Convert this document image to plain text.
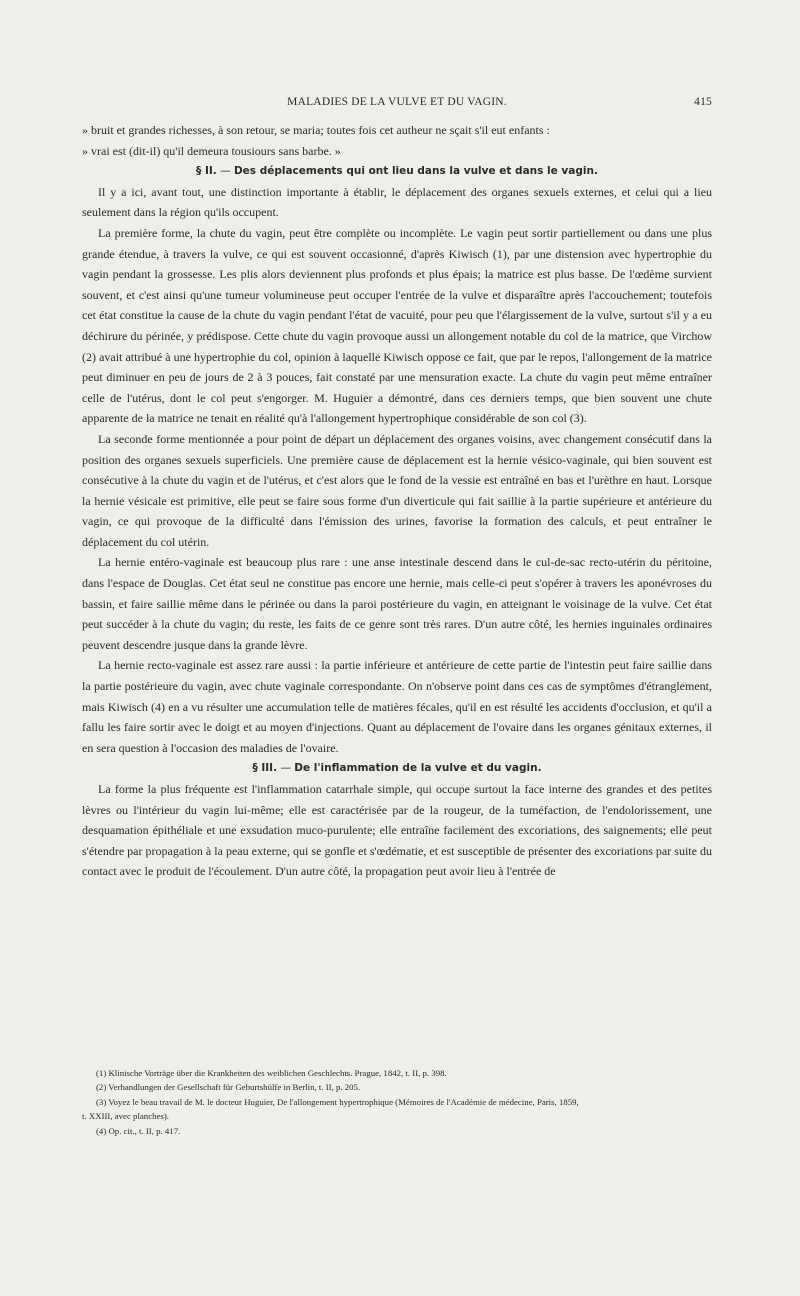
MALADIES DE LA VULVE ET DU VAGIN.	415

» bruit et grandes richesses, à son retour, se maria; toutes fois cet autheur ne sçait s'il eut enfants :

» vrai est (dit-il) qu'il demeura tousiours sans barbe. »

§ II. — Des déplacements qui ont lieu dans la vulve et dans le vagin.

Il y a ici, avant tout, une distinction importante à établir, le déplacement des organes sexuels externes, et celui qui a lieu seulement dans la région qu'ils occupent.

La première forme, la chute du vagin, peut être complète ou incomplète. Le vagin peut sortir partiellement ou dans une plus grande étendue, à travers la vulve, ce qui est souvent occasionné, d'après Kiwisch (1), par une distension avec hypertrophie du vagin pendant la grossesse. Les plis alors deviennent plus profonds et plus épais; la matrice est plus basse. De l'œdème survient souvent, et c'est ainsi qu'une tumeur volumineuse peut occuper l'entrée de la vulve et disparaître après l'accouchement; toutefois cet état constitue la cause de la chute du vagin pendant l'état de vacuité, pour peu que l'élargissement de la vulve, surtout s'il y a eu déchirure du périnée, y prédispose. Cette chute du vagin provoque aussi un allongement notable du col de la matrice, que Virchow (2) avait attribué à une hypertrophie du col, opinion à laquelle Kiwisch oppose ce fait, que par le repos, l'allongement de la matrice peut diminuer en peu de jours de 2 à 3 pouces, fait constaté par une mensuration exacte. La chute du vagin peut même entraîner celle de l'utérus, dont le col peut s'engorger. M. Huguier a démontré, dans ces derniers temps, que bien souvent une chute apparente de la matrice ne tenait en réalité qu'à l'allongement hypertrophique considérable de son col (3).

La seconde forme mentionnée a pour point de départ un déplacement des organes voisins, avec changement consécutif dans la position des organes sexuels superficiels. Une première cause de déplacement est la hernie vésico-vaginale, qui bien souvent est consécutive à la chute du vagin et de l'utérus, et c'est alors que le fond de la vessie est entraîné en bas et l'urèthre en haut. Lorsque la hernie vésicale est primitive, elle peut se faire sous forme d'un diverticule qui fait saillie à la partie supérieure et antérieure du vagin, ce qui provoque de la difficulté dans l'émission des urines, favorise la formation des calculs, et peut entraîner le déplacement du col utérin.

La hernie entéro-vaginale est beaucoup plus rare : une anse intestinale descend dans le cul-de-sac recto-utérin du péritoine, dans l'espace de Douglas. Cet état seul ne constitue pas encore une hernie, mais celle-ci peut s'opérer à travers les aponévroses du bassin, et faire saillie même dans le périnée ou dans la paroi postérieure du vagin, en atteignant le voisinage de la vulve. Cet état peut succéder à la chute du vagin; du reste, les faits de ce genre sont très rares. D'un autre côté, les hernies inguinales ordinaires peuvent descendre jusque dans la grande lèvre.

La hernie recto-vaginale est assez rare aussi : la partie inférieure et antérieure de cette partie de l'intestin peut faire saillie dans la partie postérieure du vagin, avec chute vaginale correspondante. On n'observe point dans ces cas de symptômes d'étranglement, mais Kiwisch (4) en a vu résulter une accumulation telle de matières fécales, qu'il en est résulté les accidents d'occlusion, et qu'il a fallu les faire sortir avec le doigt et au moyen d'injections. Quant au déplacement de l'ovaire dans les organes génitaux externes, il en sera question à l'occasion des maladies de l'ovaire.

§ III. — De l'inflammation de la vulve et du vagin.

La forme la plus fréquente est l'inflammation catarrhale simple, qui occupe surtout la face interne des grandes et des petites lèvres ou l'intérieur du vagin lui-même; elle est caractérisée par de la rougeur, de la tuméfaction, de l'endolorissement, une desquamation épithéliale et une exsudation muco-purulente; elle entraîne facilement des excoriations, des saignements; elle peut s'étendre par propagation à la peau externe, qui se gonfle et s'œdématie, et est susceptible de présenter des excoriations par suite du contact avec le produit de l'écoulement. D'un autre côté, la propagation peut avoir lieu à l'entrée de

(1) Klinische Vorträge über die Krankheiten des weiblichen Geschlechts. Prague, 1842, t. II, p. 398.

(2) Verhandlungen der Gesellschaft für Geburtshülfe in Berlin, t. II, p. 205.

(3) Voyez le beau travail de M. le docteur Huguier, De l'allongement hypertrophique (Mémoires de l'Académie de médecine, Paris, 1859,

t. XXIII, avec planches).

(4) Op. cit., t. II, p. 417.
